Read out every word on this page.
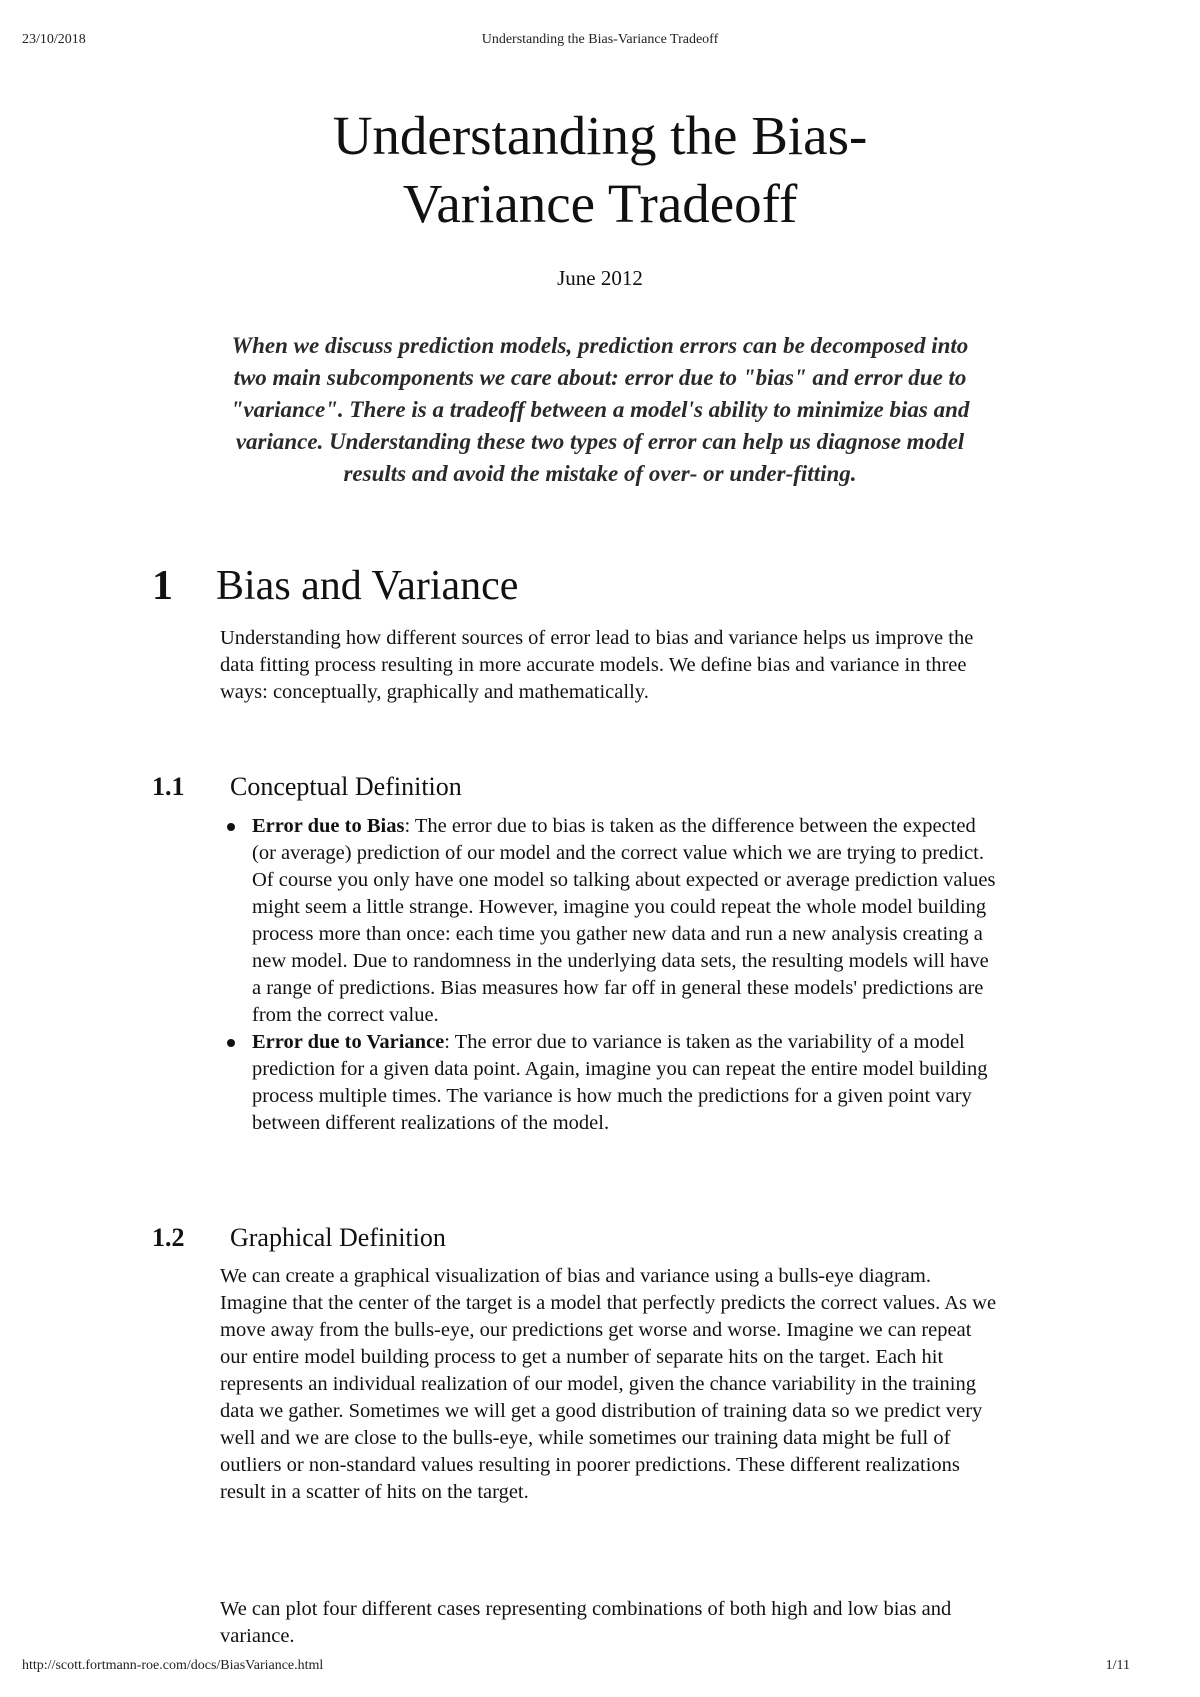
23/10/2018	Understanding the Bias-Variance Tradeoff
Understanding the Bias-
Variance Tradeoff
June 2012

When we discuss prediction models, prediction errors can be decomposed into two main subcomponents we care about: error due to "bias" and error due to "variance". There is a tradeoff between a model's ability to minimize bias and variance. Understanding these two types of error can help us diagnose model results and avoid the mistake of over- or under-fitting.

1 Bias and Variance

Understanding how different sources of error lead to bias and variance helps us improve the data fitting process resulting in more accurate models. We define bias and variance in three ways: conceptually, graphically and mathematically.

1.1 Conceptual Definition
Error due to Bias: The error due to bias is taken as the difference between the expected (or average) prediction of our model and the correct value which we are trying to predict. Of course you only have one model so talking about expected or average prediction values might seem a little strange. However, imagine you could repeat the whole model building process more than once: each time you gather new data and run a new analysis creating a new model. Due to randomness in the underlying data sets, the resulting models will have a range of predictions. Bias measures how far off in general these models' predictions are from the correct value.
Error due to Variance: The error due to variance is taken as the variability of a model prediction for a given data point. Again, imagine you can repeat the entire model building process multiple times. The variance is how much the predictions for a given point vary between different realizations of the model.
1.2 Graphical Definition

We can create a graphical visualization of bias and variance using a bulls-eye diagram. Imagine that the center of the target is a model that perfectly predicts the correct values. As we move away from the bulls-eye, our predictions get worse and worse. Imagine we can repeat our entire model building process to get a number of separate hits on the target. Each hit represents an individual realization of our model, given the chance variability in the training data we gather. Sometimes we will get a good distribution of training data so we predict very well and we are close to the bulls-eye, while sometimes our training data might be full of outliers or non-standard values resulting in poorer predictions. These different realizations result in a scatter of hits on the target.

We can plot four different cases representing combinations of both high and low bias and variance.

http://scott.fortmann-roe.com/docs/BiasVariance.html	1/11
